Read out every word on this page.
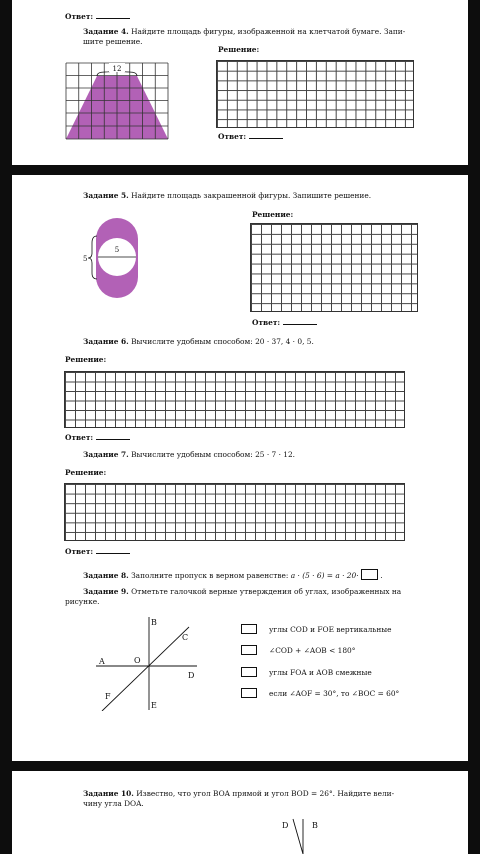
Ответ:
Задание 4. Найдите площадь фигуры, изображенной на клетчатой бумаге. Запи-
шите решение.
12
Решение:
Ответ:
Задание 5. Найдите площадь закрашенной фигуры. Запишите решение.
5
5
Решение:
Ответ:
Задание 6. Вычислите удобным способом: 20 · 37, 4 · 0, 5.
Решение:
Ответ:
Задание 7. Вычислите удобным способом: 25 · 7 · 12.
Решение:
Ответ:
Задание 8. Заполните пропуск в верном равенстве: a · (5 · 6) = a · 20·	.
Задание 9. Отметьте галочкой верные утверждения об углах, изображенных на
рисунке.
B
C
A	O
D
F
E
углы COD и FOE вертикальные
∠COD + ∠AOB < 180°
углы FOA и AOB смежные
если ∠AOF = 30°, то ∠BOC = 60°
Задание 10. Известно, что угол BOA прямой и угол BOD = 26°. Найдите вели-
чину угла DOA.
D	B
